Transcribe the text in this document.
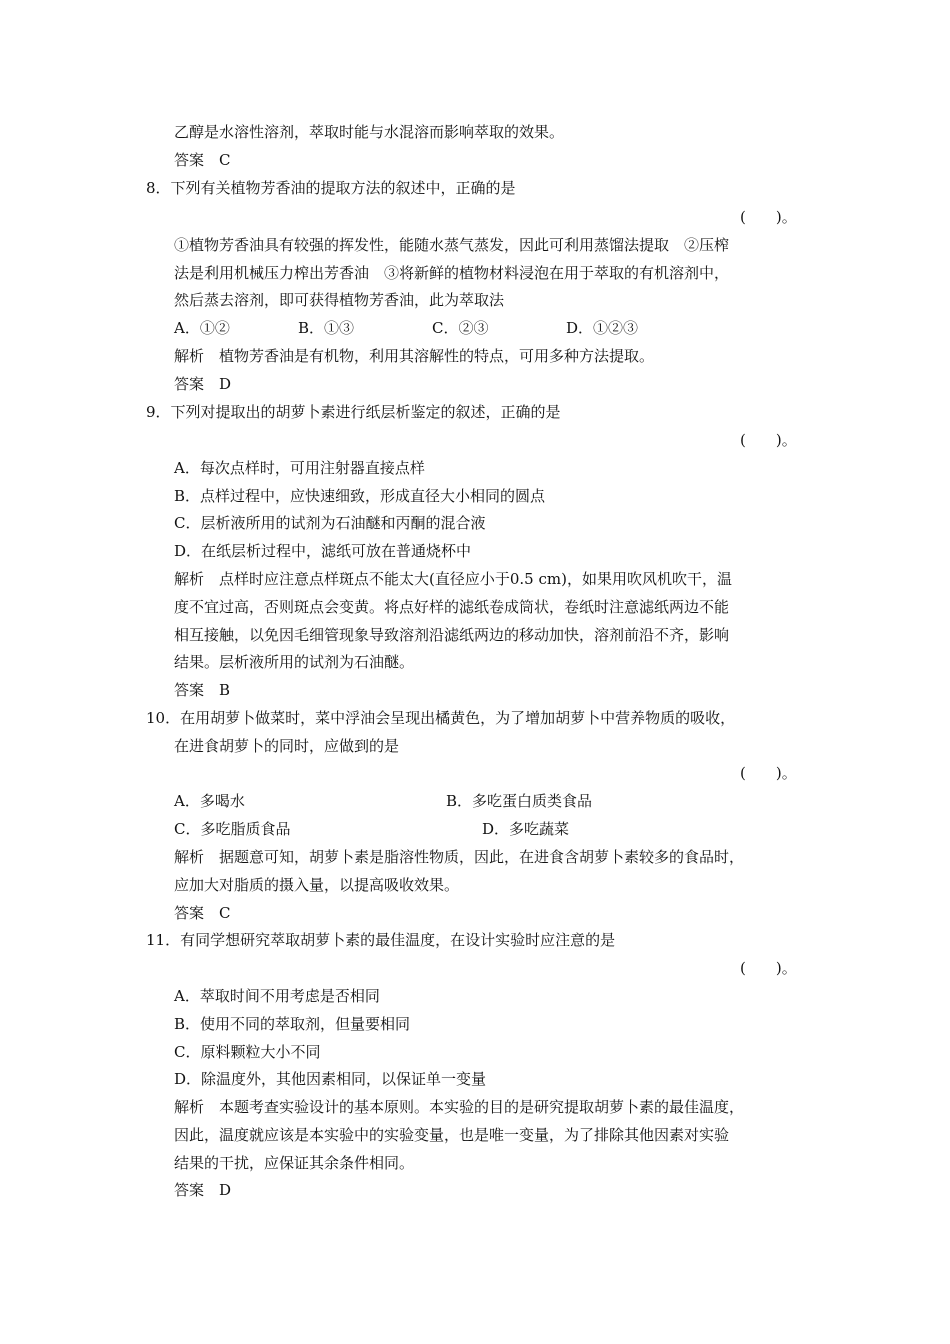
乙醇是水溶性溶剂，萃取时能与水混溶而影响萃取的效果。
答案 C
8．下列有关植物芳香油的提取方法的叙述中，正确的是
(　　)。
①植物芳香油具有较强的挥发性，能随水蒸气蒸发，因此可利用蒸馏法提取　②压榨
法是利用机械压力榨出芳香油　③将新鲜的植物材料浸泡在用于萃取的有机溶剂中，
然后蒸去溶剂，即可获得植物芳香油，此为萃取法
A．①②	B．①③	C．②③	D．①②③
解析 植物芳香油是有机物，利用其溶解性的特点，可用多种方法提取。
答案 D
9．下列对提取出的胡萝卜素进行纸层析鉴定的叙述，正确的是
(　　)。
A．每次点样时，可用注射器直接点样
B．点样过程中，应快速细致，形成直径大小相同的圆点
C．层析液所用的试剂为石油醚和丙酮的混合液
D．在纸层析过程中，滤纸可放在普通烧杯中
解析 点样时应注意点样斑点不能太大(直径应小于0.5 cm)，如果用吹风机吹干，温
度不宜过高，否则斑点会变黄。将点好样的滤纸卷成筒状，卷纸时注意滤纸两边不能
相互接触，以免因毛细管现象导致溶剂沿滤纸两边的移动加快，溶剂前沿不齐，影响
结果。层析液所用的试剂为石油醚。
答案 B
10．在用胡萝卜做菜时，菜中浮油会呈现出橘黄色，为了增加胡萝卜中营养物质的吸收，
在进食胡萝卜的同时，应做到的是
(　　)。
A．多喝水	B．多吃蛋白质类食品
C．多吃脂质食品	D．多吃蔬菜
解析 据题意可知，胡萝卜素是脂溶性物质，因此，在进食含胡萝卜素较多的食品时，
应加大对脂质的摄入量，以提高吸收效果。
答案 C
11．有同学想研究萃取胡萝卜素的最佳温度，在设计实验时应注意的是
(　　)。
A．萃取时间不用考虑是否相同
B．使用不同的萃取剂，但量要相同
C．原料颗粒大小不同
D．除温度外，其他因素相同，以保证单一变量
解析 本题考查实验设计的基本原则。本实验的目的是研究提取胡萝卜素的最佳温度，
因此，温度就应该是本实验中的实验变量，也是唯一变量，为了排除其他因素对实验
结果的干扰，应保证其余条件相同。
答案 D
